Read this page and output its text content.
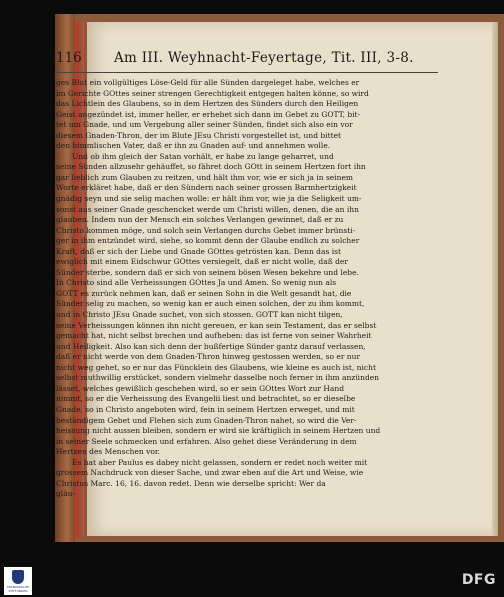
116 Am III. Weyhnacht-Feyertage, Tit. III, 3-8.
ges Blut ein vollgültiges Löse-Geld für alle Sünden dargeleget habe, welches er
im Gerichte GOttes seiner strengen Gerechtigkeit entgegen halten könne, so wird
das Lichtlein des Glaubens, so in dem Hertzen des Sünders durch den Heiligen
Geist angezündet ist, immer heller, er erhebet sich dann im Gebet zu GOTT, bit-
tet um Gnade, und um Vergebung aller seiner Sünden, findet sich also ein vor
diesem Gnaden-Thron, der im Blute JEsu Christi vorgestellet ist, und bittet
den himmlischen Vater, daß er ihn zu Gnaden auf- und annehmen wolle.
Und ob ihm gleich der Satan vorhält, er habe zu lange geharret, und
seine Sünden allzusehr gehäuffet, so fähret doch GOtt in seinem Hertzen fort ihn
gar lieblich zum Glauben zu reitzen, und hält ihm vor, wie er sich ja in seinem
Worte erkläret habe, daß er den Sündern nach seiner grossen Barmhertzigkeit
gnädig seyn und sie selig machen wolle: er hält ihm vor, wie ja die Seligkeit um-
sonst aus seiner Gnade geschencket werde um Christi willen, denen, die an ihn
glauben. Indem nun der Mensch ein solches Verlangen gewinnet, daß er zu
Christo kommen möge, und solch sein Verlangen durchs Gebet immer brünsti-
ger in ihm entzündet wird, siehe, so kommt denn der Glaube endlich zu solcher
Kraft, daß er sich der Liebe und Gnade GOttes getrösten kan. Denn das ist
ewiglich mit einem Eidschwur GOttes versiegelt, daß er nicht wolle, daß der
Sünder sterbe, sondern daß er sich von seinem bösen Wesen bekehre und lebe.
In Christo sind alle Verheissungen GOttes Ja und Amen. So wenig nun als
GOTT es zurück nehmen kan, daß er seinen Sohn in die Welt gesandt hat, die
Sünder selig zu machen, so wenig kan er auch einen solchen, der zu ihm kommt,
und in Christo JEsu Gnade suchet, von sich stossen. GOTT kan nicht tilgen,
seine Verheissungen können ihn nicht gereuen, er kan sein Testament, das er selbst
gemacht hat, nicht selbst brechen und aufheben: das ist ferne von seiner Wahrheit
und Heiligkeit. Also kan sich denn der bußfertige Sünder gantz darauf verlassen,
daß er nicht werde von dem Gnaden-Thron hinweg gestossen werden, so er nur
nicht weg gehet, so er nur das Füncklein des Glaubens, wie kleine es auch ist, nicht
selbst muthwillig erstücket, sondern vielmehr dasselbe noch ferner in ihm anzünden
lässet, welches gewißlich geschehen wird, so er sein GOttes Wort zur Hand
nimmt, so er die Verheissung des Evangelii liest und betrachtet, so er dieselbe
Gnade, so in Christo angeboten wird, fein in seinem Hertzen erweget, und mit
beständigem Gebet und Flehen sich zum Gnaden-Thron nahet, so wird die Ver-
heissung nicht aussen bleiben, sondern er wird sie kräftiglich in seinem Hertzen und
in seiner Seele schmecken und erfahren. Also gehet diese Veränderung in dem
Hertzen des Menschen vor.
Es hat aber Paulus es dabey nicht gelassen, sondern er redet noch weiter mit
grossem Nachdruck von dieser Sache, und zwar eben auf die Art und Weise, wie
Christus Marc. 16, 16. davon redet. Denn wie derselbe spricht: Wer da
gläu-
FRANCKESCHE STIFTUNGEN
DFG
